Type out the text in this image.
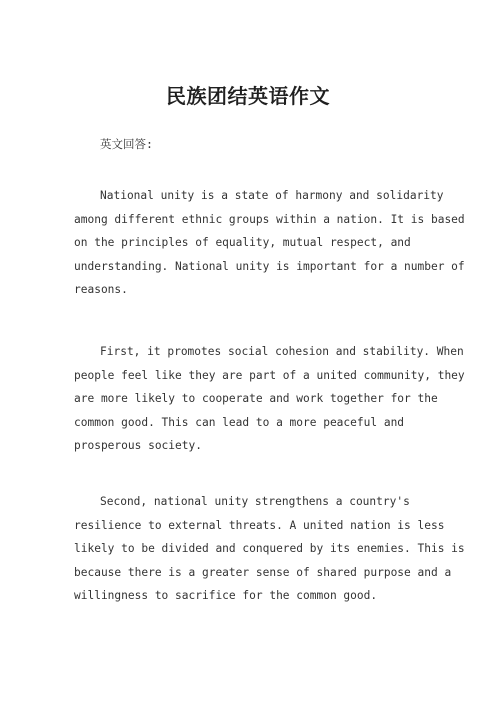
民族团结英语作文
英文回答:
National unity is a state of harmony and solidarity
among different ethnic groups within a nation. It is based
on the principles of equality, mutual respect, and
understanding. National unity is important for a number of
reasons.
First, it promotes social cohesion and stability. When
people feel like they are part of a united community, they
are more likely to cooperate and work together for the
common good. This can lead to a more peaceful and
prosperous society.
Second, national unity strengthens a country's
resilience to external threats. A united nation is less
likely to be divided and conquered by its enemies. This is
because there is a greater sense of shared purpose and a
willingness to sacrifice for the common good.
